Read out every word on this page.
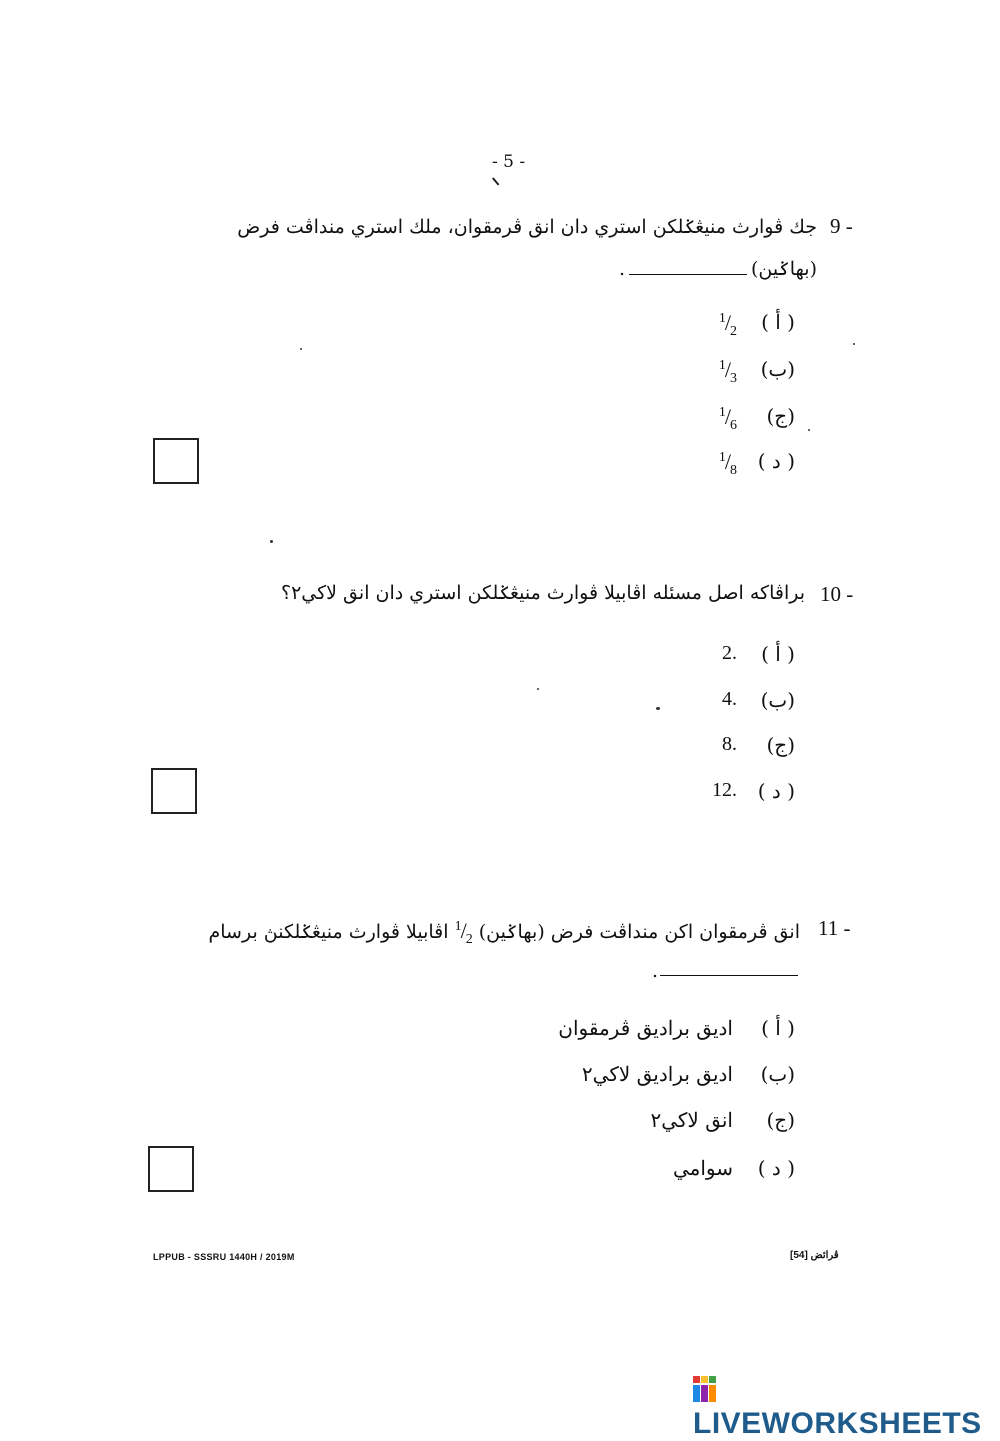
- 5 -
9 -
جك ڤوارث منيڠݢلكن استري دان انق ڤرمقوان، ملك استري منداڤت فرض
(بهاݢين).
( أ )
$^1/_2$
(ب)
$^1/_3$
(ج)
$^1/_6$
( د )
$^1/_8$
10 -
براڤاكه اصل مسئله اڤابيلا ڤوارث منيڠݢلكن استري دان انق لاكي٢؟
( أ )
2.
(ب)
4.
(ج)
8.
( د )
12.
11 -
انق ڤرمقوان اكن منداڤت فرض (بهاݢين) $^1/_2$ اڤابيلا ڤوارث منيڠݢلكنڽ برسام
.
( أ )
اديق براديق ڤرمقوان
(ب)
اديق براديق لاكي٢
(ج)
انق لاكي٢
( د )
سوامي
LPPUB - SSSRU 1440H / 2019M	ڤرائض [54]
LIVEWORKSHEETS
